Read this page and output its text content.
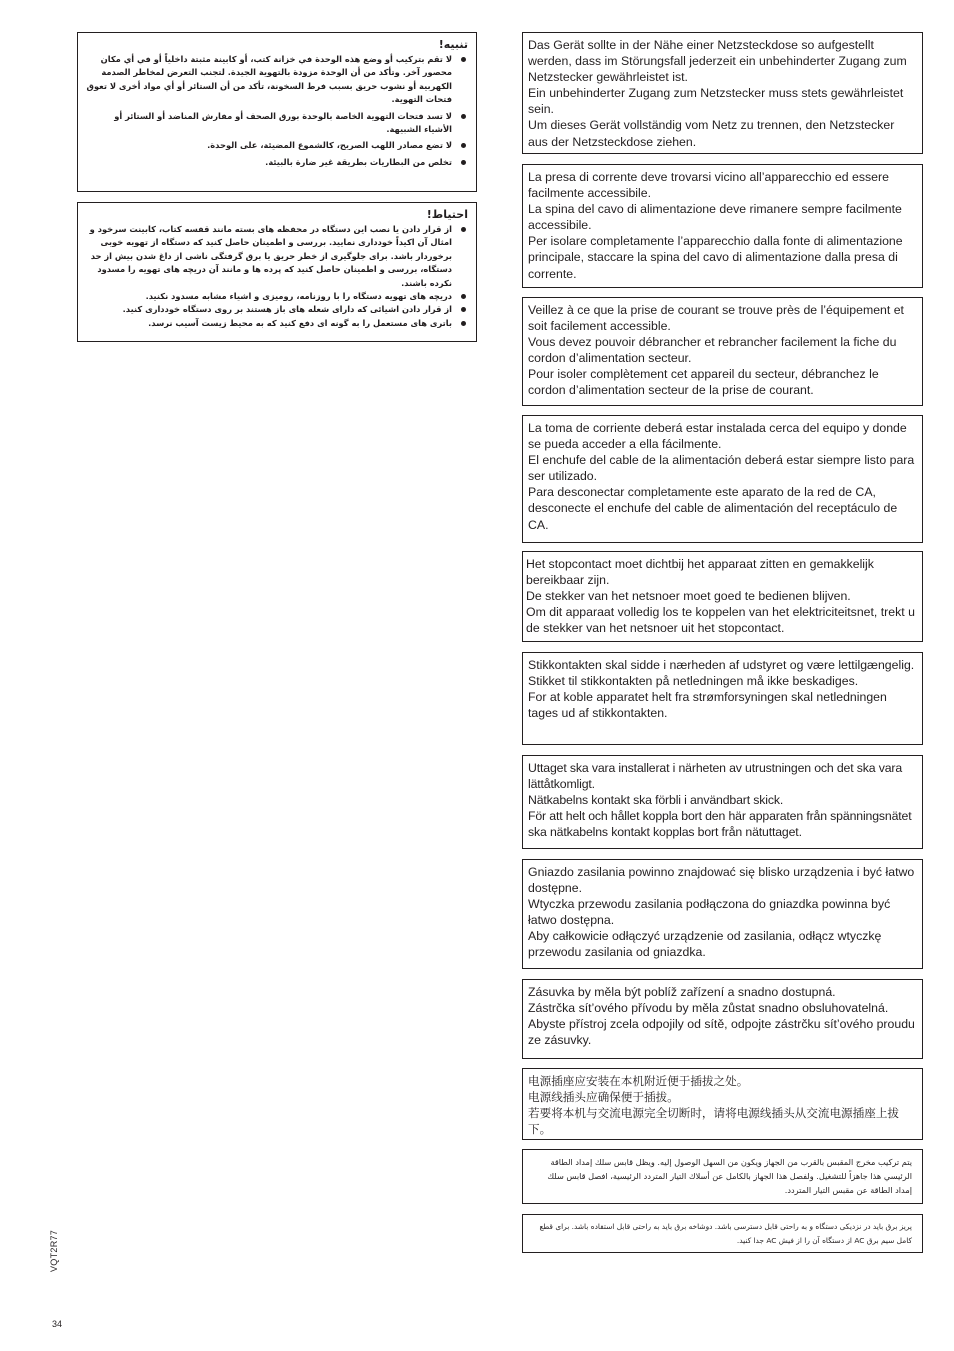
تنبيه!
لا تقم بتركيب أو وضع هذه الوحدة في خزانة كتب، أو كابينة مثبتة داخلياً أو في أي مكان محصور آخر. وتأكد من أن الوحدة مزودة بالتهوية الجيدة. لتجنب التعرض لمخاطر الصدمة الكهربية أو نشوب حريق بسبب فرط السخونة، تأكد من أن الستائر أو أي مواد أخرى لا تعوق فتحات التهوية.
لا تسد فتحات التهوية الخاصة بالوحدة بورق الصحف أو مفارش المناضد أو الستائر أو الأشياء الشبيهة.
لا تضع مصادر اللهب الصريح، كالشموع المضيئة، على الوحدة.
تخلص من البطاريات بطريقة غير ضارة بالبيئة.
احتياط!
از قرار دادن یا نصب این دستگاه در محفظه های بسته مانند قفسه کتاب، کابینت سرخود و امثال آن اکیداً خودداری نمایید. بررسی و اطمینان حاصل کنید که دستگاه از تهویه خوبی برخوردار باشد. برای جلوگیری از خطر حریق یا برق گرفتگی ناشی از داغ شدن بیش از حد دستگاه، بررسی و اطمینان حاصل کنید که پرده ها و مانند آن دریچه های تهویه را مسدود نکرده باشند.
دریچه های تهویه دستگاه را با روزنامه، رومیزی و اشیاء مشابه مسدود نکنید.
از قرار دادن اشیائی که دارای شعله های باز هستند بر روی دستگاه خودداری کنید.
باتری های مستعمل را به گونه ای دفع کنید که به محیط زیست آسیب نرسد.

Das Gerät sollte in der Nähe einer Netzsteckdose so aufgestellt werden, dass im Störungsfall jederzeit ein unbehinderter Zugang zum Netzstecker gewährleistet ist.

Ein unbehinderter Zugang zum Netzstecker muss stets gewährleistet sein.

Um dieses Gerät vollständig vom Netz zu trennen, den Netzstecker aus der Netzsteckdose ziehen.

La presa di corrente deve trovarsi vicino all’apparecchio ed essere facilmente accessibile.

La spina del cavo di alimentazione deve rimanere sempre facilmente accessibile.

Per isolare completamente l’apparecchio dalla fonte di alimentazione principale, staccare la spina del cavo di alimentazione dalla presa di corrente.

Veillez à ce que la prise de courant se trouve près de l’équipement et soit facilement accessible.

Vous devez pouvoir débrancher et rebrancher facilement la fiche du cordon d’alimentation secteur.

Pour isoler complètement cet appareil du secteur, débranchez le cordon d’alimentation secteur de la prise de courant.

La toma de corriente deberá estar instalada cerca del equipo y donde se pueda acceder a ella fácilmente.

El enchufe del cable de la alimentación deberá estar siempre listo para ser utilizado.

Para desconectar completamente este aparato de la red de CA, desconecte el enchufe del cable de alimentación del receptáculo de CA.

Het stopcontact moet dichtbij het apparaat zitten en gemakkelijk bereikbaar zijn.

De stekker van het netsnoer moet goed te bedienen blijven.

Om dit apparaat volledig los te koppelen van het elektriciteitsnet, trekt u de stekker van het netsnoer uit het stopcontact.

Stikkontakten skal sidde i nærheden af udstyret og være lettilgængelig.

Stikket til stikkontakten på netledningen må ikke beskadiges.

For at koble apparatet helt fra strømforsyningen skal netledningen tages ud af stikkontakten.

Uttaget ska vara installerat i närheten av utrustningen och det ska vara lättåtkomligt.

Nätkabelns kontakt ska förbli i användbart skick.

För att helt och hållet koppla bort den här apparaten från spänningsnätet ska nätkabelns kontakt kopplas bort från nätuttaget.

Gniazdo zasilania powinno znajdować się blisko urządzenia i być łatwo dostępne.

Wtyczka przewodu zasilania podłączona do gniazdka powinna być łatwo dostępna.

Aby całkowicie odłączyć urządzenie od zasilania, odłącz wtyczkę przewodu zasilania od gniazdka.

Zásuvka by měla být poblíž zařízení a snadno dostupná.

Zástrčka sít’ového přívodu by měla zůstat snadno obsluhovatelná.

Abyste přístroj zcela odpojily od sítě, odpojte zástrčku sít’ového proudu ze zásuvky.

电源插座应安装在本机附近便于插拔之处。

电源线插头应确保便于插拔。

若要将本机与交流电源完全切断时，请将电源线插头从交流电源插座上拔下。

يتم تركيب مخرج المقبس بالقرب من الجهاز ويكون من السهل الوصول إليه. ويظل قابس سلك إمداد الطاقة الرئيسي هذا جاهزاً للتشغيل. ولفصل هذا الجهاز بالكامل عن أسلاك التيار المتردد الرئيسية، افصل قابس سلك إمداد الطاقة عن مقبس التيار المتردد.

پریز برق باید در نزدیکی دستگاه و به راحتی قابل دسترسی باشد. دوشاخه برق باید به راحتی قابل استفاده باشد. برای قطع کامل سیم برق AC از دستگاه آن را از فیش AC جدا کنید.

VQT2R77
34
